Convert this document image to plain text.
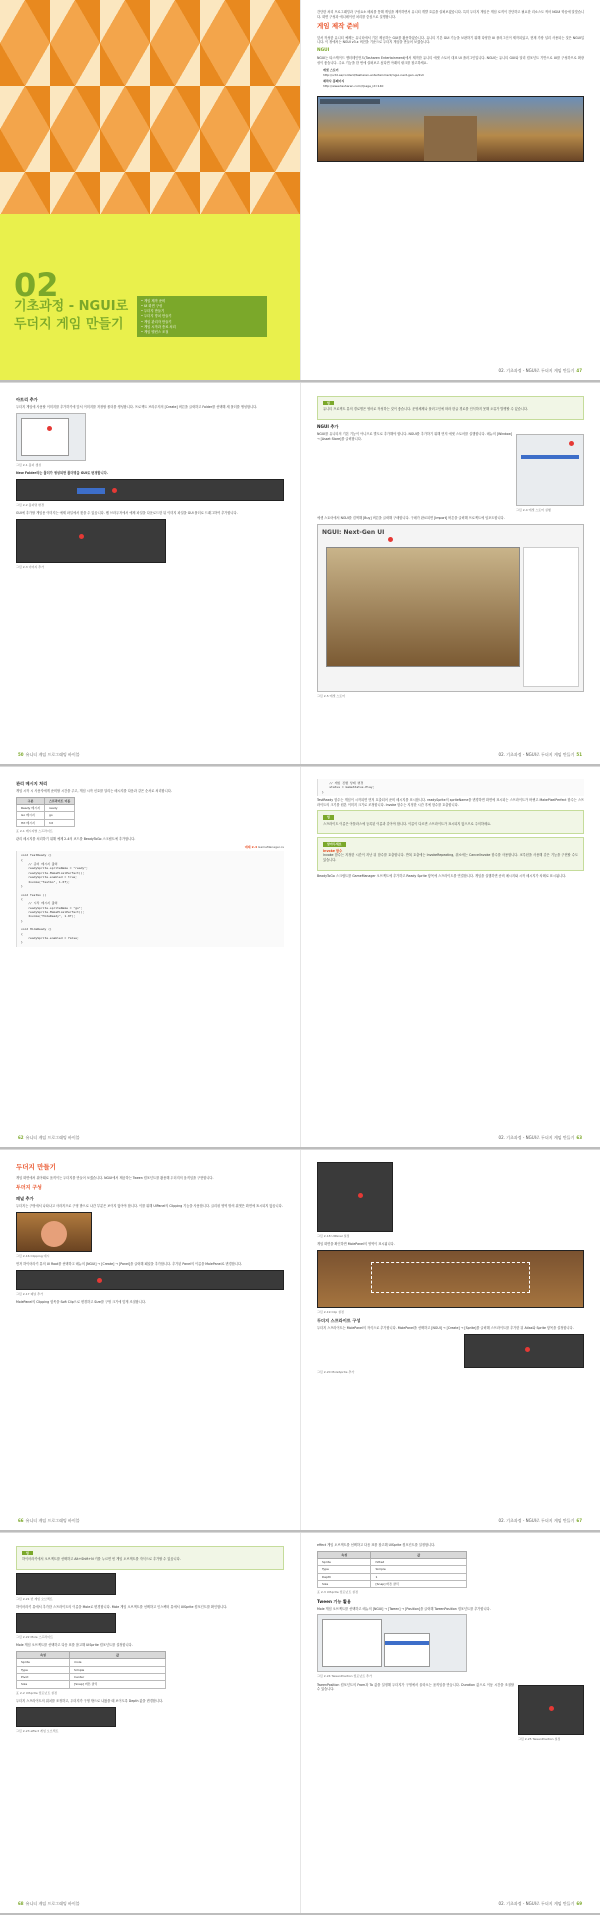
02
기초과정 - NGUI로
두더지 게임 만들기
• 게임 제작 준비
• UI 화면 구성
• 두더지 만들기
• 두더지 망치 만들기
• 게임 관리자 만들기
• 게임 시작과 종료 처리
• 게임 밸런스 조절

간단한 처리 프로그래밍과 구성요소 배치를 통해 게임을 제작하면서 유니티 개발 흐름을 살펴보겠습니다. 특히 두더지 게임은 게임 로직이 간단하고 필요한 리소스도 적어 NGUI 학습에 알맞습니다. 화면 구성과 애니메이션 처리를 중심으로 설명합니다.

게임 제작 준비

앞서 작성한 유니티 예제는 유니티에서 기본 제공하는 GUI를 활용하였습니다. 유니티 기본 GUI 기능을 보완하기 위해 다양한 UI 플러그인이 제작되었고, 현재 가장 널리 사용되는 것은 NGUI입니다. 이 장에서는 NGUI v3.x 버전을 기준으로 두더지 게임을 만들어 보겠습니다.

NGUI

NGUI는 타스케이드 엔터테인먼트(Tasharen Entertainment)에서 제작한 유니티 에셋 스토어 대표 UI 플러그인입니다. NGUI는 유니티 GUI와 달리 컴포넌트 기반으로 UI를 구성하므로 확장성이 좋습니다. 주요 기능을 한 번에 살펴보고 싶다면 아래의 링크를 참고하세요.

에셋 스토어
http://u3d.as/content/tasharen-entertainment/ngui-next-gen-ui/2vh
제작사 홈페이지
http://www.tasharen.com/?page_id=140
02. 기초과정 - NGUI로 두더지 게임 만들기 47
아트리 추가

두더지 게임에 사용할 이미지를 추가하기에 앞서 이미지를 저장할 폴더를 생성합니다. 프로젝트 브라우저의 [Create] 버튼을 클릭하고 Folder를 선택해 새 폴더를 생성합니다.

그림 2-1 폴더 생성

New Folder라는 폴더가 생성되면 폴더명을 GUI로 변경합니다.

그림 2-2 폴더명 변경

GUI에 추가할 게임용 이미지는 예제 파일에서 찾을 수 있습니다. 웹 브라우저에서 예제 파일을 다운로드한 뒤 이미지 파일을 GUI 폴더로 드래그하여 추가합니다.

그림 2-3 이미지 추가
50 유니티 게임 프로그래밍 바이블
팁

유니티 프로젝트 뷰의 경로명은 영어로 작성하는 것이 좋습니다. 운영체제나 플러그인에 따라 한글 경로를 인식하지 못해 오류가 발생할 수 있습니다.

NGUI 추가

NGUI를 유니티의 기본 기능이 아니므로 별도로 추가해야 합니다. NGUI를 추가하기 위해 먼저 에셋 스토어를 실행합니다. 메뉴의 [Window] → [Asset Store]를 클릭합니다.

그림 2-4 에셋 스토어 실행

에셋 스토어에서 NGUI를 검색해 [Buy] 버튼을 클릭해 구매합니다. 구매가 완료되면 [Import] 버튼을 클릭해 프로젝트에 임포트합니다.

NGUI: Next-Gen UI
그림 2-5 에셋 스토어
02. 기초과정 - NGUI로 두더지 게임 만들기 51
관리 메시지 처리

게임 시작 시 사용자에게 준비할 시간을 주고, 게임 시작 신호를 알리는 메시지를 다음과 같은 순서로 처리합니다.

구분	스프라이트 이름
Ready 메시지	ready
Go 메시지	go
Hit 메시지	hit
표 2-1 메시지별 스프라이트

관리 메시지를 처리하기 위해 예제 2-4의 코드를 BeadyToGo 스크립트에 추가합니다.

예제 2-4 GameManager.cs
void TestReady ()
{
// 준비 메시지 출력
readySprite.spriteName = "ready";
readySprite.MakePixelPerfect();
readySprite.enabled = true;
Invoke("TestGo", 1.0f);
}

void TestGo ()
{
// 시작 메시지 출력
readySprite.spriteName = "go";
readySprite.MakePixelPerfect();
Invoke("HideReady", 1.0f);
}

void HideReady ()
{
readySprite.enabled = false;
}
62 유니티 게임 프로그래밍 바이블
// 게임 진행 상태 변경
status = GameStatus.Play;
}

TestReady 함수는 게임이 시작되면 먼저 호출되어 준비 메시지를 표시합니다. readySprite의 spriteName을 변경하면 화면에 표시되는 스프라이트가 바뀌고 MakePixelPerfect 함수는 스프라이트의 크기를 원본 이미지 크기로 조정합니다. Invoke 함수는 지정한 시간 후에 함수를 호출합니다.

팁

스프라이트 이름은 아틀라스에 등록된 이름과 같아야 합니다. 이름이 다르면 스프라이트가 표시되지 않으므로 주의하세요.

알아두세요
Invoke 함수

Invoke 함수는 지정한 시간이 지난 뒤 함수를 호출합니다. 반복 호출에는 InvokeRepeating, 취소에는 CancelInvoke 함수를 사용합니다. 코루틴을 사용해 같은 기능을 구현할 수도 있습니다.

BeadyToGo 스크립트를 GameManager 오브젝트에 추가하고 Ready Sprite 항목에 스프라이트를 연결합니다. 게임을 실행하면 준비 메시지와 시작 메시지가 차례로 표시됩니다.

02. 기초과정 - NGUI로 두더지 게임 만들기 63
두더지 만들기

게임 화면에서 위아래로 움직이는 두더지를 만들어 보겠습니다. NGUI에서 제공하는 Tween 컴포넌트를 활용해 두더지의 움직임을 구현합니다.

두더지 구성
패널 추가

두더지는 구멍에서 나타나고 사라지므로 구멍 밖으로 나간 부분은 보이지 않아야 합니다. 이를 위해 UIPanel의 Clipping 기능을 사용합니다. 클리핑 영역 밖의 위젯은 화면에 표시되지 않습니다.

그림 2-16 Clipping 예시

먼저 하이어라키 뷰의 UI Root를 선택하고 메뉴의 [NGUI] → [Create] → [Panel]을 클릭해 패널을 추가합니다. 추가된 Panel의 이름을 MolePanel로 변경합니다.

그림 2-17 패널 추가

MolePanel의 Clipping 항목을 Soft Clip으로 변경하고 Size를 구멍 크기에 맞게 조절합니다.

66 유니티 게임 프로그래밍 바이블
그림 2-18 UIPanel 설정

게임 화면을 확인하면 MolePanel의 영역이 표시됩니다.

그림 2-19 Clip 설정
두더지 스프라이트 구성

두더지 스프라이트는 MolePanel의 자식으로 추가합니다. MolePanel을 선택하고 [NGUI] → [Create] → [Sprite]를 클릭해 스프라이트를 추가한 뒤 Atlas와 Sprite 항목을 설정합니다.

그림 2-20 MoleSprite 추가
02. 기초과정 - NGUI로 두더지 게임 만들기 67
팁

하이어라키에서 오브젝트를 선택하고 Alt+Shift+N 키를 누르면 빈 게임 오브젝트를 자식으로 추가할 수 있습니다.

그림 2-21 빈 게임 오브젝트

하이어라키 뷰에서 추가한 스프라이트의 이름을 Mole로 변경합니다. Mole 게임 오브젝트를 선택하고 인스펙터 뷰에서 UISprite 컴포넌트를 확인합니다.

그림 2-22 Mole 스프라이트

Mole 게임 오브젝트를 선택하고 다음 표를 참고해 UISprite 컴포넌트를 설정합니다.

속성	값
Sprite	mole
Type	Simple
Pivot	Center
Size	[Snap] 버튼 클릭
표 2-2 UISprite 컴포넌트 설정

두더지 스프라이트의 위치를 조정하고, 두더지가 구멍 밖으로 나왔을 때 보이도록 Depth 값을 변경합니다.

그림 2-23 effect 게임 오브젝트
68 유니티 게임 프로그래밍 바이블

effect 게임 오브젝트를 선택하고 다음 표를 참고해 UISprite 컴포넌트를 설정합니다.

속성	값
Sprite	hitted
Type	Simple
Depth	1
Size	[Snap] 버튼 클릭
표 2-3 UISprite 컴포넌트 설정
Tween 기능 활용

Mole 게임 오브젝트를 선택하고 메뉴의 [NGUI] → [Tween] → [Position]을 클릭해 TweenPosition 컴포넌트를 추가합니다.

그림 2-24 TweenPosition 컴포넌트 추가

TweenPosition 컴포넌트의 From과 To 값을 설정해 두더지가 구멍에서 올라오는 움직임을 만듭니다. Duration 값으로 이동 시간을 조절할 수 있습니다.

그림 2-25 TweenPosition 설정
02. 기초과정 - NGUI로 두더지 게임 만들기 69
